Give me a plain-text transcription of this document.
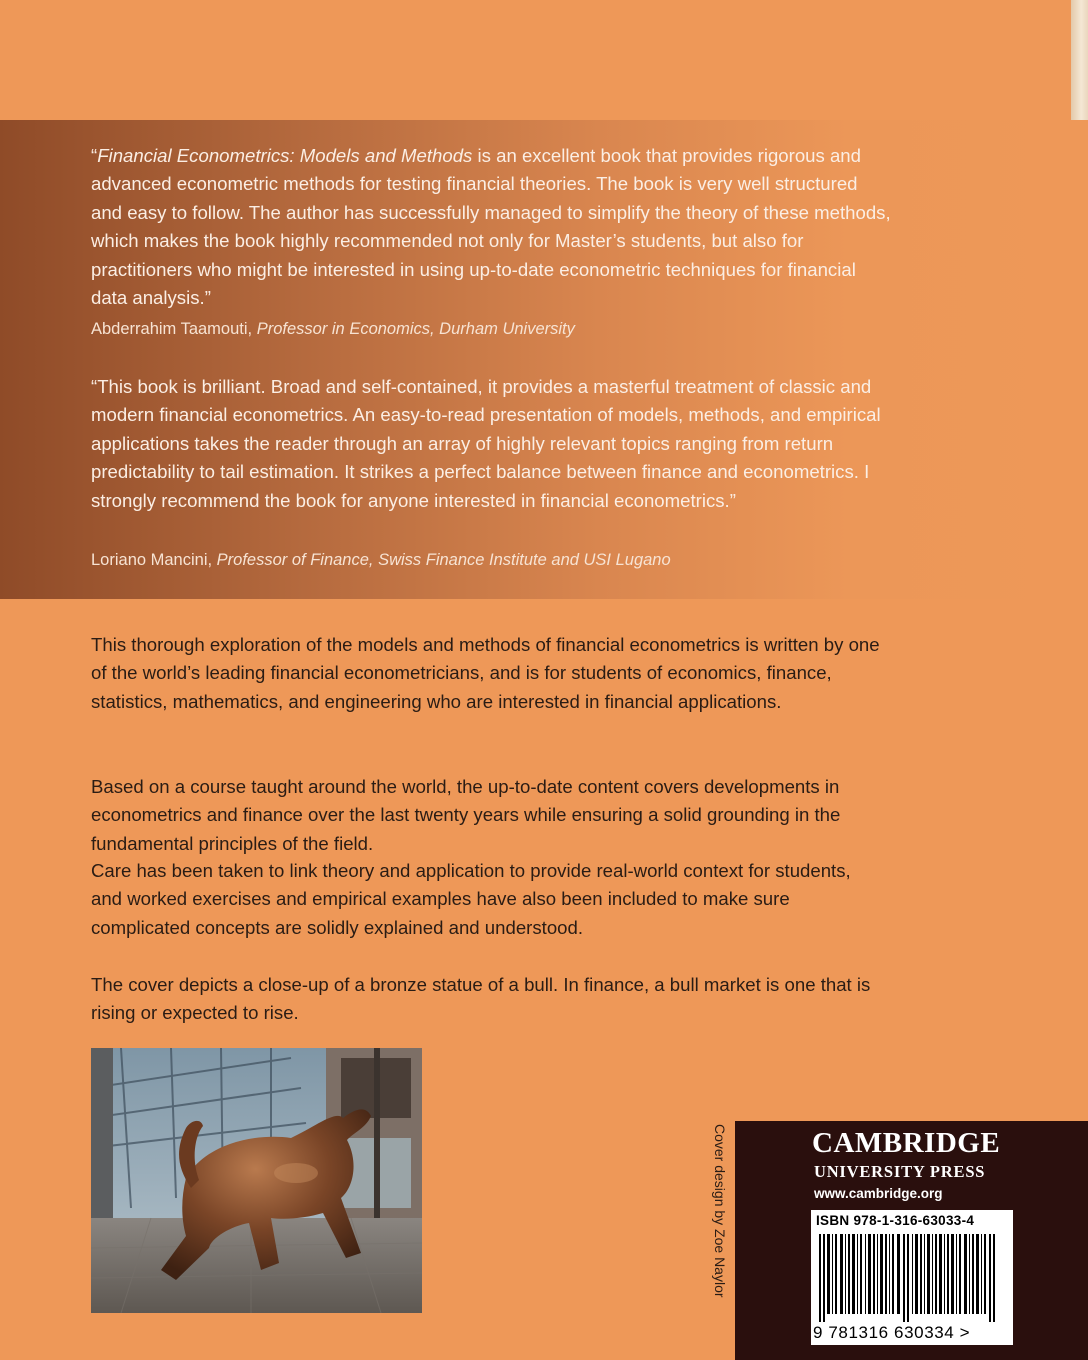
“Financial Econometrics: Models and Methods is an excellent book that provides rigorous and advanced econometric methods for testing financial theories. The book is very well structured and easy to follow. The author has successfully managed to simplify the theory of these methods, which makes the book highly recommended not only for Master’s students, but also for practitioners who might be interested in using up-to-date econometric techniques for financial data analysis.”

Abderrahim Taamouti, Professor in Economics, Durham University

“This book is brilliant. Broad and self-contained, it provides a masterful treatment of classic and modern financial econometrics. An easy-to-read presentation of models, methods, and empirical applications takes the reader through an array of highly relevant topics ranging from return predictability to tail estimation. It strikes a perfect balance between finance and econometrics. I strongly recommend the book for anyone interested in financial econometrics.”

Loriano Mancini, Professor of Finance, Swiss Finance Institute and USI Lugano

This thorough exploration of the models and methods of financial econometrics is written by one of the world’s leading financial econometricians, and is for students of economics, finance, statistics, mathematics, and engineering who are interested in financial applications.

Based on a course taught around the world, the up-to-date content covers developments in econometrics and finance over the last twenty years while ensuring a solid grounding in the fundamental principles of the field.

Care has been taken to link theory and application to provide real-world context for students, and worked exercises and empirical examples have also been included to make sure complicated concepts are solidly explained and understood.

The cover depicts a close-up of a bronze statue of a bull. In finance, a bull market is one that is rising or expected to rise.

Cover design by Zoe Naylor	CAMBRIDGE
UNIVERSITY PRESS
www.cambridge.org
ISBN 978-1-316-63033-4
9 781316 630334 >
